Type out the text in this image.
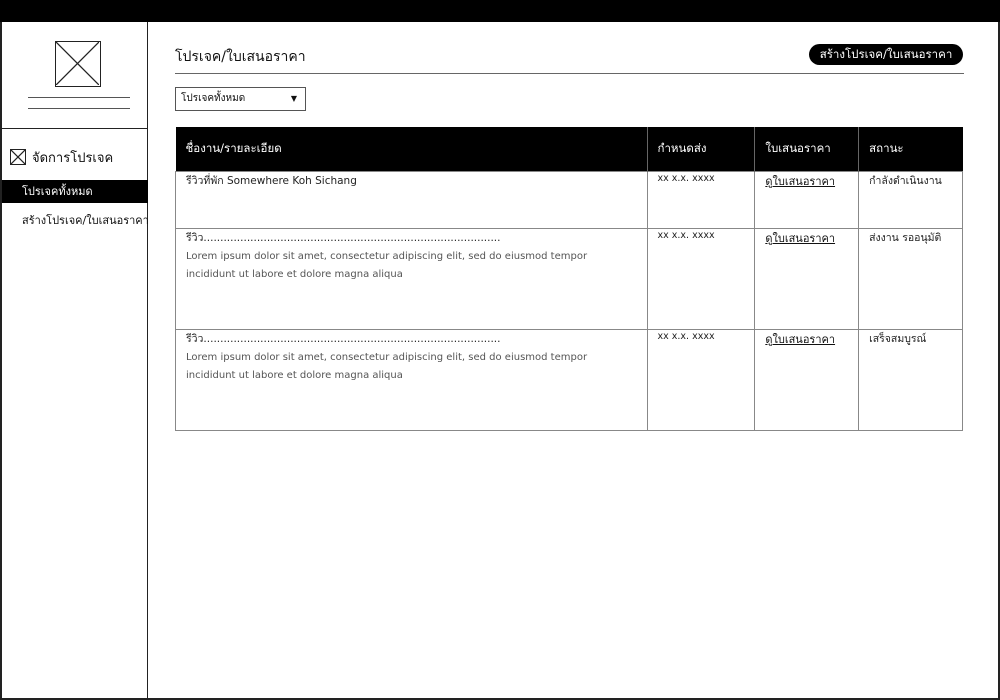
จัดการโปรเจค
โปรเจคทั้งหมด
สร้างโปรเจค/ใบเสนอราคา
โปรเจค/ใบเสนอราคา	สร้างโปรเจค/ใบเสนอราคา
โปรเจคทั้งหมด	▼
ชื่องาน/รายละเอียด	กำหนดส่ง	ใบเสนอราคา	สถานะ

รีวิวที่พัก Somewhere Koh Sichang	xx x.x. xxxx	ดูใบเสนอราคา	กำลังดำเนินงาน

รีวิว.........................................................................................
Lorem ipsum dolor sit amet, consectetur adipiscing elit, sed do eiusmod tempor incididunt ut labore et dolore magna aliqua	xx x.x. xxxx	ดูใบเสนอราคา	ส่งงาน รออนุมัติ

รีวิว.........................................................................................
Lorem ipsum dolor sit amet, consectetur adipiscing elit, sed do eiusmod tempor incididunt ut labore et dolore magna aliqua	xx x.x. xxxx	ดูใบเสนอราคา	เสร็จสมบูรณ์
